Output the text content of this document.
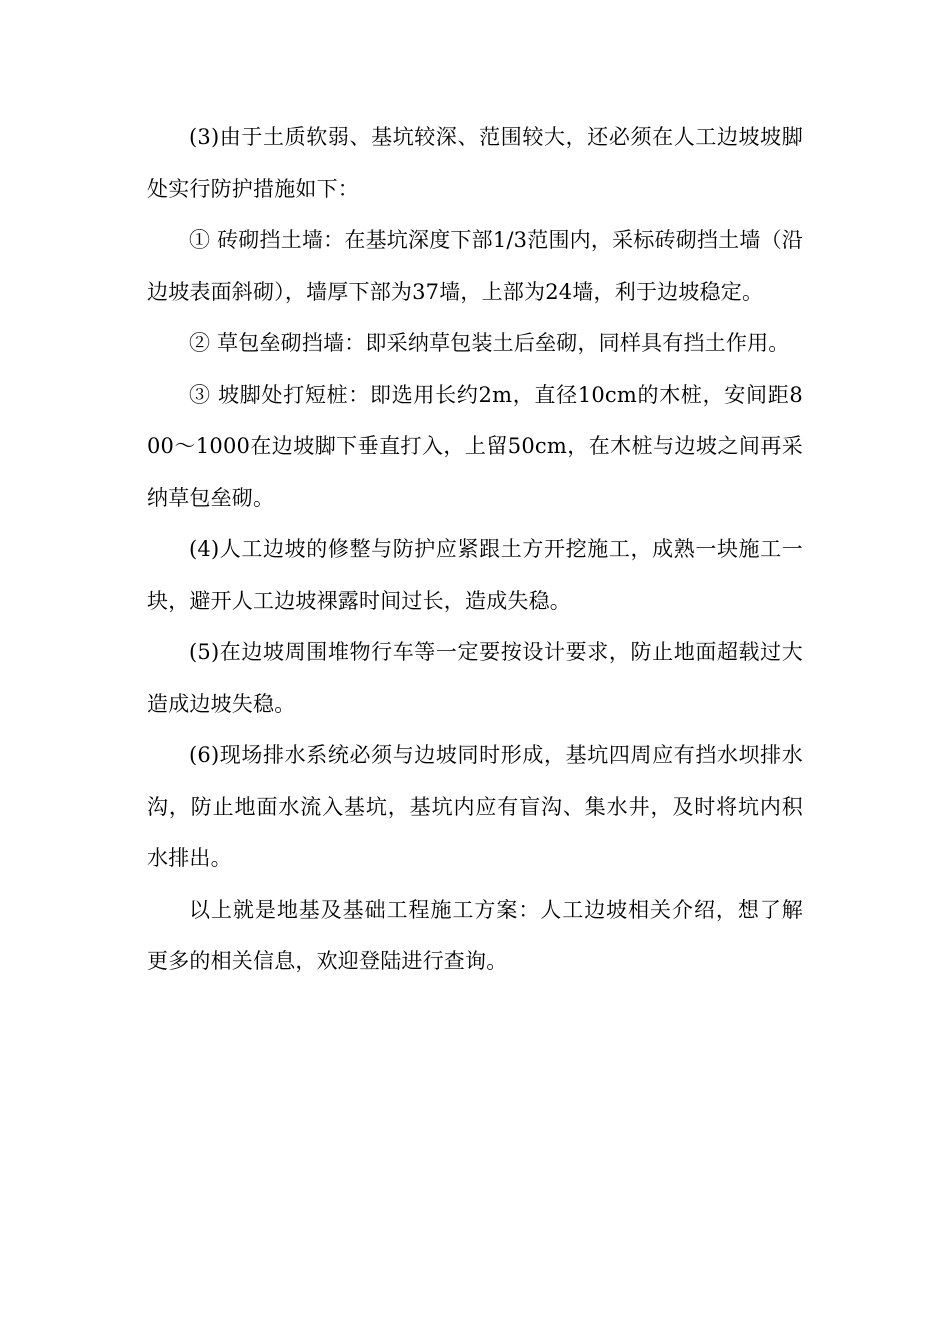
(3)由于土质软弱、基坑较深、范围较大，还必须在人工边坡坡脚处实行防护措施如下：

① 砖砌挡土墙：在基坑深度下部1/3范围内，采标砖砌挡土墙（沿边坡表面斜砌），墙厚下部为37墙，上部为24墙，利于边坡稳定。

② 草包垒砌挡墙：即采纳草包装土后垒砌，同样具有挡土作用。

③ 坡脚处打短桩：即选用长约2m，直径10cm的木桩，安间距800～1000在边坡脚下垂直打入，上留50cm，在木桩与边坡之间再采纳草包垒砌。

(4)人工边坡的修整与防护应紧跟土方开挖施工，成熟一块施工一块，避开人工边坡裸露时间过长，造成失稳。

(5)在边坡周围堆物行车等一定要按设计要求，防止地面超载过大造成边坡失稳。

(6)现场排水系统必须与边坡同时形成，基坑四周应有挡水坝排水沟，防止地面水流入基坑，基坑内应有盲沟、集水井，及时将坑内积水排出。

以上就是地基及基础工程施工方案：人工边坡相关介绍，想了解更多的相关信息，欢迎登陆进行查询。
